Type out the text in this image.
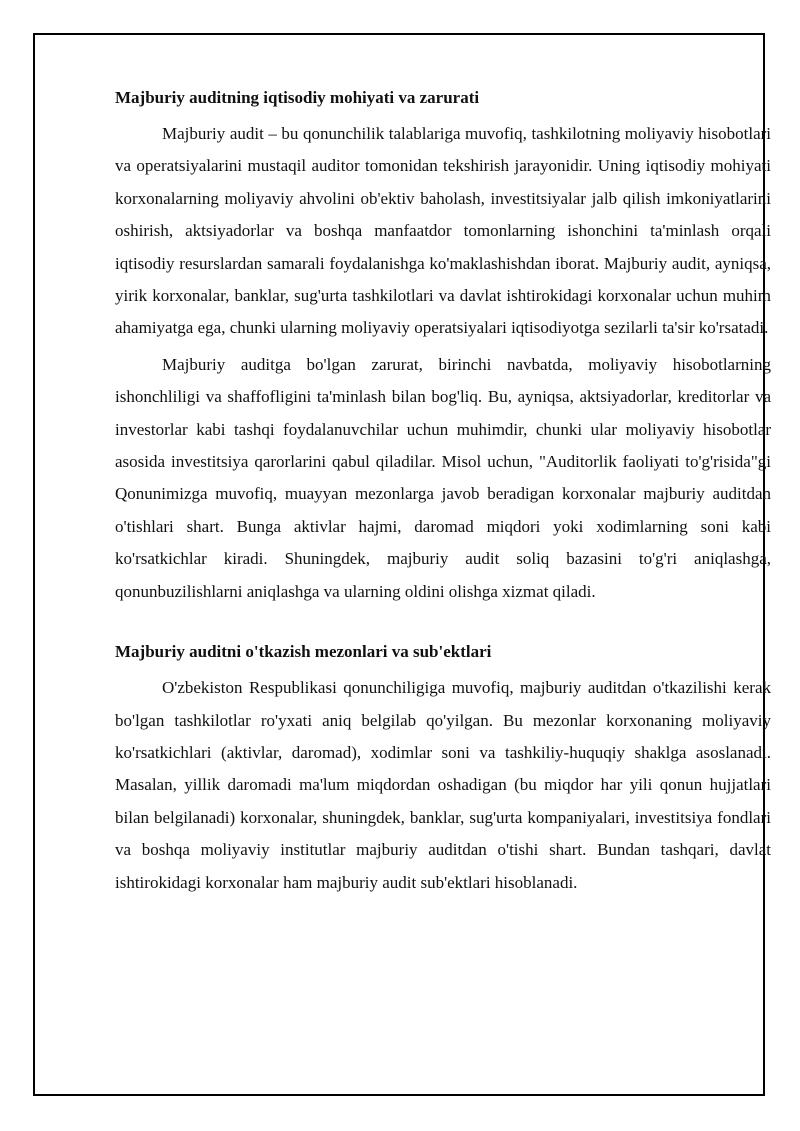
Majburiy auditning iqtisodiy mohiyati va zarurati

Majburiy audit – bu qonunchilik talablariga muvofiq, tashkilotning moliyaviy hisobotlari va operatsiyalarini mustaqil auditor tomonidan tekshirish jarayonidir. Uning iqtisodiy mohiyati korxonalarning moliyaviy ahvolini ob'ektiv baholash, investitsiyalar jalb qilish imkoniyatlarini oshirish, aktsiyadorlar va boshqa manfaatdor tomonlarning ishonchini ta'minlash orqali iqtisodiy resurslardan samarali foydalanishga ko'maklashishdan iborat. Majburiy audit, ayniqsa, yirik korxonalar, banklar, sug'urta tashkilotlari va davlat ishtirokidagi korxonalar uchun muhim ahamiyatga ega, chunki ularning moliyaviy operatsiyalari iqtisodiyotga sezilarli ta'sir ko'rsatadi.

Majburiy auditga bo'lgan zarurat, birinchi navbatda, moliyaviy hisobotlarning ishonchliligi va shaffofligini ta'minlash bilan bog'liq. Bu, ayniqsa, aktsiyadorlar, kreditorlar va investorlar kabi tashqi foydalanuvchilar uchun muhimdir, chunki ular moliyaviy hisobotlar asosida investitsiya qarorlarini qabul qiladilar. Misol uchun, "Auditorlik faoliyati to'g'risida"gi Qonunimizga muvofiq, muayyan mezonlarga javob beradigan korxonalar majburiy auditdan o'tishlari shart. Bunga aktivlar hajmi, daromad miqdori yoki xodimlarning soni kabi ko'rsatkichlar kiradi. Shuningdek, majburiy audit soliq bazasini to'g'ri aniqlashga, qonunbuzilishlarni aniqlashga va ularning oldini olishga xizmat qiladi.

Majburiy auditni o'tkazish mezonlari va sub'ektlari

O'zbekiston Respublikasi qonunchiligiga muvofiq, majburiy auditdan o'tkazilishi kerak bo'lgan tashkilotlar ro'yxati aniq belgilab qo'yilgan. Bu mezonlar korxonaning moliyaviy ko'rsatkichlari (aktivlar, daromad), xodimlar soni va tashkiliy-huquqiy shaklga asoslanadi. Masalan, yillik daromadi ma'lum miqdordan oshadigan (bu miqdor har yili qonun hujjatlari bilan belgilanadi) korxonalar, shuningdek, banklar, sug'urta kompaniyalari, investitsiya fondlari va boshqa moliyaviy institutlar majburiy auditdan o'tishi shart. Bundan tashqari, davlat ishtirokidagi korxonalar ham majburiy audit sub'ektlari hisoblanadi.
